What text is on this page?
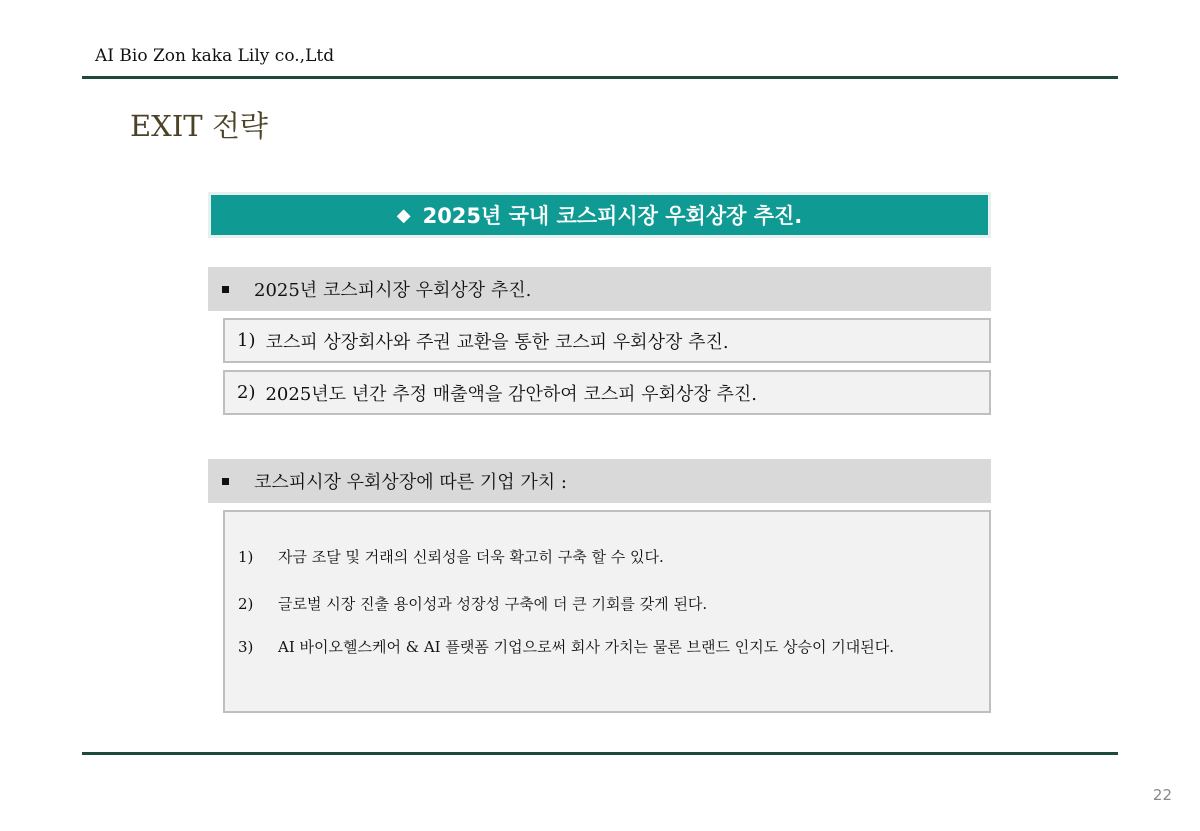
AI Bio Zon kaka Lily co.,Ltd
EXIT 전략
◆ 2025년 국내 코스피시장 우회상장 추진.
2025년 코스피시장 우회상장 추진.
1) 코스피 상장회사와 주권 교환을 통한 코스피 우회상장 추진.
2) 2025년도 년간 추정 매출액을 감안하여 코스피 우회상장 추진.
코스피시장 우회상장에 따른 기업 가치 :
1)	자금 조달 및 거래의 신뢰성을 더욱 확고히 구축 할 수 있다.
2)	글로벌 시장 진출 용이성과 성장성 구축에 더 큰 기회를 갖게 된다.
3)	AI 바이오헬스케어 & AI 플랫폼 기업으로써 회사 가치는 물론 브랜드 인지도 상승이 기대된다.
22
